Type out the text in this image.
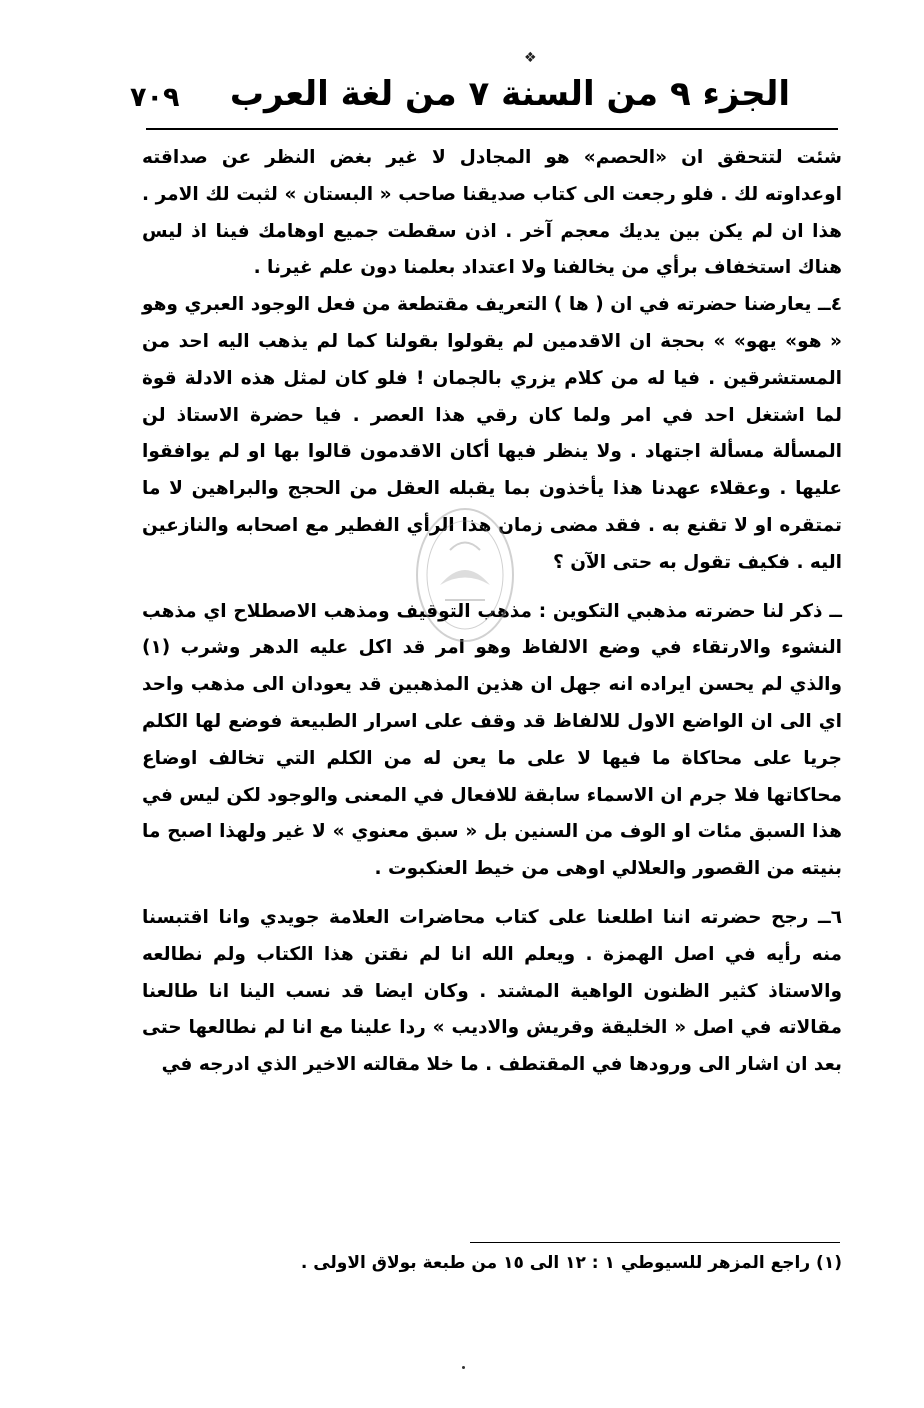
الجزء ٩ من السنة ٧ من لغة العرب
٧٠٩
❖

شئت لتتحقق ان «الحصم» هو المجادل لا غير بغض النظر عن صداقته اوعداوته لك . فلو رجعت الى كتاب صديقنا صاحب « البستان » لثبت لك الامر . هذا ان لم يكن بين يديك معجم آخر . اذن سقطت جميع اوهامك فينا اذ ليس هناك استخفاف برأي من يخالفنا ولا اعتداد بعلمنا دون علم غيرنا .

٤ــ يعارضنا حضرته في ان ( ها ) التعريف مقتطعة من فعل الوجود العبري وهو « هو» يهو» » بحجة ان الاقدمين لم يقولوا بقولنا كما لم يذهب اليه احد من المستشرقين . فيا له من كلام يزري بالجمان ! فلو كان لمثل هذه الادلة قوة لما اشتغل احد في امر ولما كان رقي هذا العصر . فيا حضرة الاستاذ لن المسألة مسألة اجتهاد . ولا ينظر فيها أكان الاقدمون قالوا بها او لم يوافقوا عليها . وعقلاء عهدنا هذا يأخذون بما يقبله العقل من الحجج والبراهين لا ما تمتقره او لا تقنع به . فقد مضى زمان هذا الرأي الفطير مع اصحابه والنازعين اليه . فكيف تقول به حتى الآن ؟

ــ ذكر لنا حضرته مذهبي التكوين : مذهب التوقيف ومذهب الاصطلاح اي مذهب النشوء والارتقاء في وضع الالفاظ وهو امر قد اكل عليه الدهر وشرب (١) والذي لم يحسن ايراده انه جهل ان هذين المذهبين قد يعودان الى مذهب واحد اي الى ان الواضع الاول للالفاظ قد وقف على اسرار الطبيعة فوضع لها الكلم جريا على محاكاة ما فيها لا على ما يعن له من الكلم التي تخالف اوضاع محاكاتها فلا جرم ان الاسماء سابقة للافعال في المعنى والوجود لكن ليس في هذا السبق مئات او الوف من السنين بل « سبق معنوي » لا غير ولهذا اصبح ما بنيته من القصور والعلالي اوهى من خيط العنكبوت .

٦ــ رجح حضرته اننا اطلعنا على كتاب محاضرات العلامة جويدي وانا اقتبسنا منه رأيه في اصل الهمزة . ويعلم الله انا لم نقتن هذا الكتاب ولم نطالعه والاستاذ كثير الظنون الواهية المشتد . وكان ايضا قد نسب الينا انا طالعنا مقالاته في اصل « الخليقة وقريش والاديب » ردا علينا مع انا لم نطالعها حتى بعد ان اشار الى ورودها في المقتطف . ما خلا مقالته الاخير الذي ادرجه في

(١) راجع المزهر للسيوطي ١ : ١٢ الى ١٥ من طبعة بولاق الاولى .
